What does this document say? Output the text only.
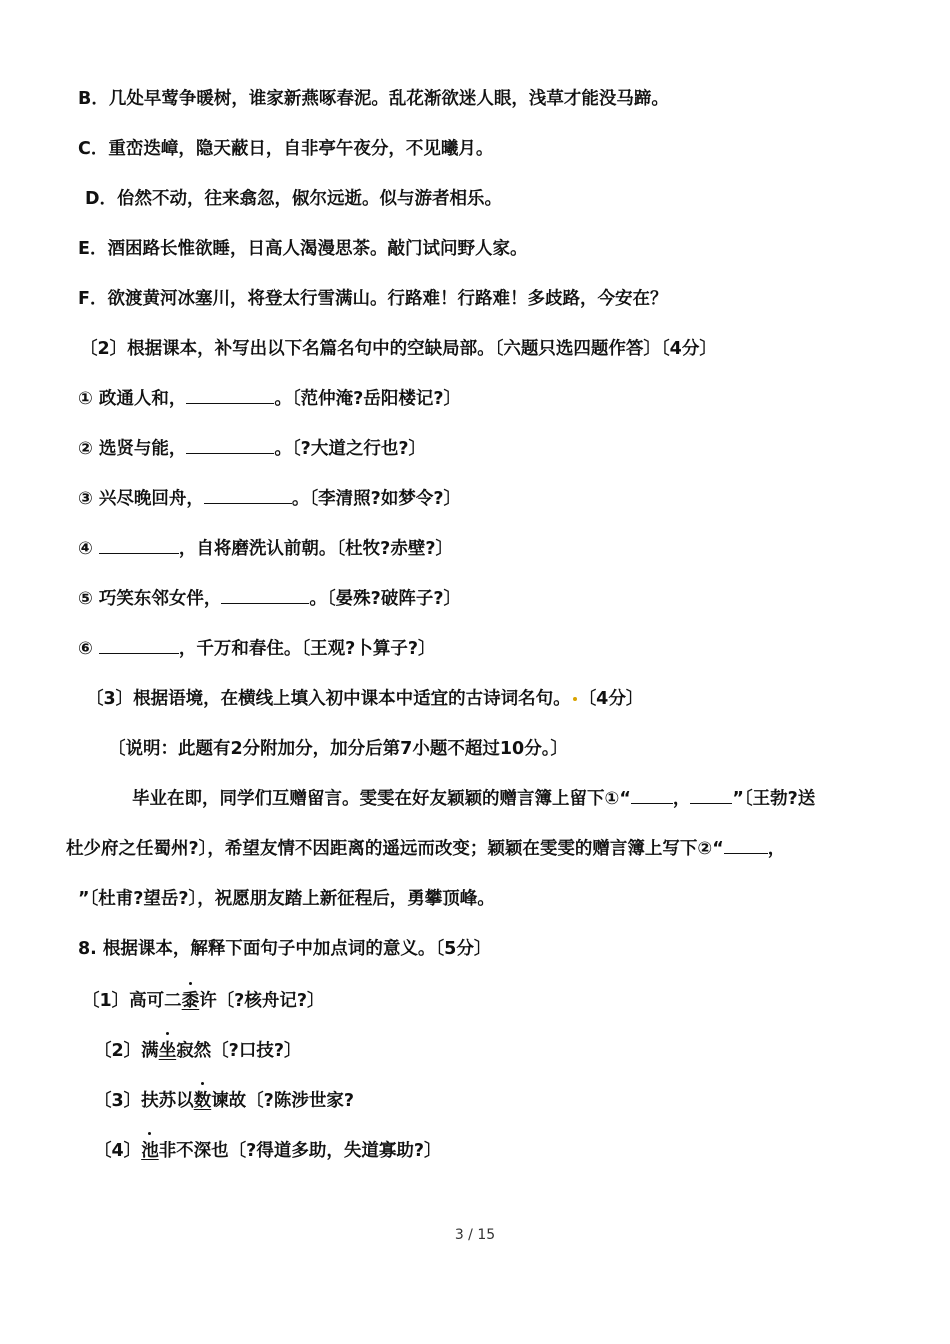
B．几处早莺争暖树，谁家新燕啄春泥。乱花渐欲迷人眼，浅草才能没马蹄。
C．重峦迭嶂，隐天蔽日，自非亭午夜分，不见曦月。
D．佁然不动，往来翕忽，俶尔远逝。似与游者相乐。
E．酒困路长惟欲睡，日高人渴漫思茶。敲门试问野人家。
F．欲渡黄河冰塞川，将登太行雪满山。行路难！行路难！多歧路，今安在？
〔2〕根据课本，补写出以下名篇名句中的空缺局部。〔六题只选四题作答〕〔4分〕
① 政通人和，	。〔范仲淹?岳阳楼记?〕
② 选贤与能，	。〔?大道之行也?〕
③ 兴尽晚回舟，	。〔李清照?如梦令?〕
④	，自将磨洗认前朝。〔杜牧?赤壁?〕
⑤ 巧笑东邻女伴，	。〔晏殊?破阵子?〕
⑥	，千万和春住。〔王观?卜算子?〕
〔3〕根据语境，在横线上填入初中课本中适宜的古诗词名句。 〔4分〕
〔说明：此题有2分附加分，加分后第7小题不超过10分。〕
毕业在即，同学们互赠留言。雯雯在好友颖颖的赠言簿上留下①“ ， ”〔王勃?送
杜少府之任蜀州?〕，希望友情不因距离的遥远而改变；颖颖在雯雯的赠言簿上写下②“	，
”〔杜甫?望岳?〕，祝愿朋友踏上新征程后，勇攀顶峰。
8. 根据课本，解释下面句子中加点词的意义。〔5分〕
〔1〕高可二黍许〔?核舟记?〕
〔2〕满坐寂然〔?口技?〕
〔3〕扶苏以数谏故〔?陈涉世家?
〔4〕池非不深也〔?得道多助，失道寡助?〕
3 / 15
